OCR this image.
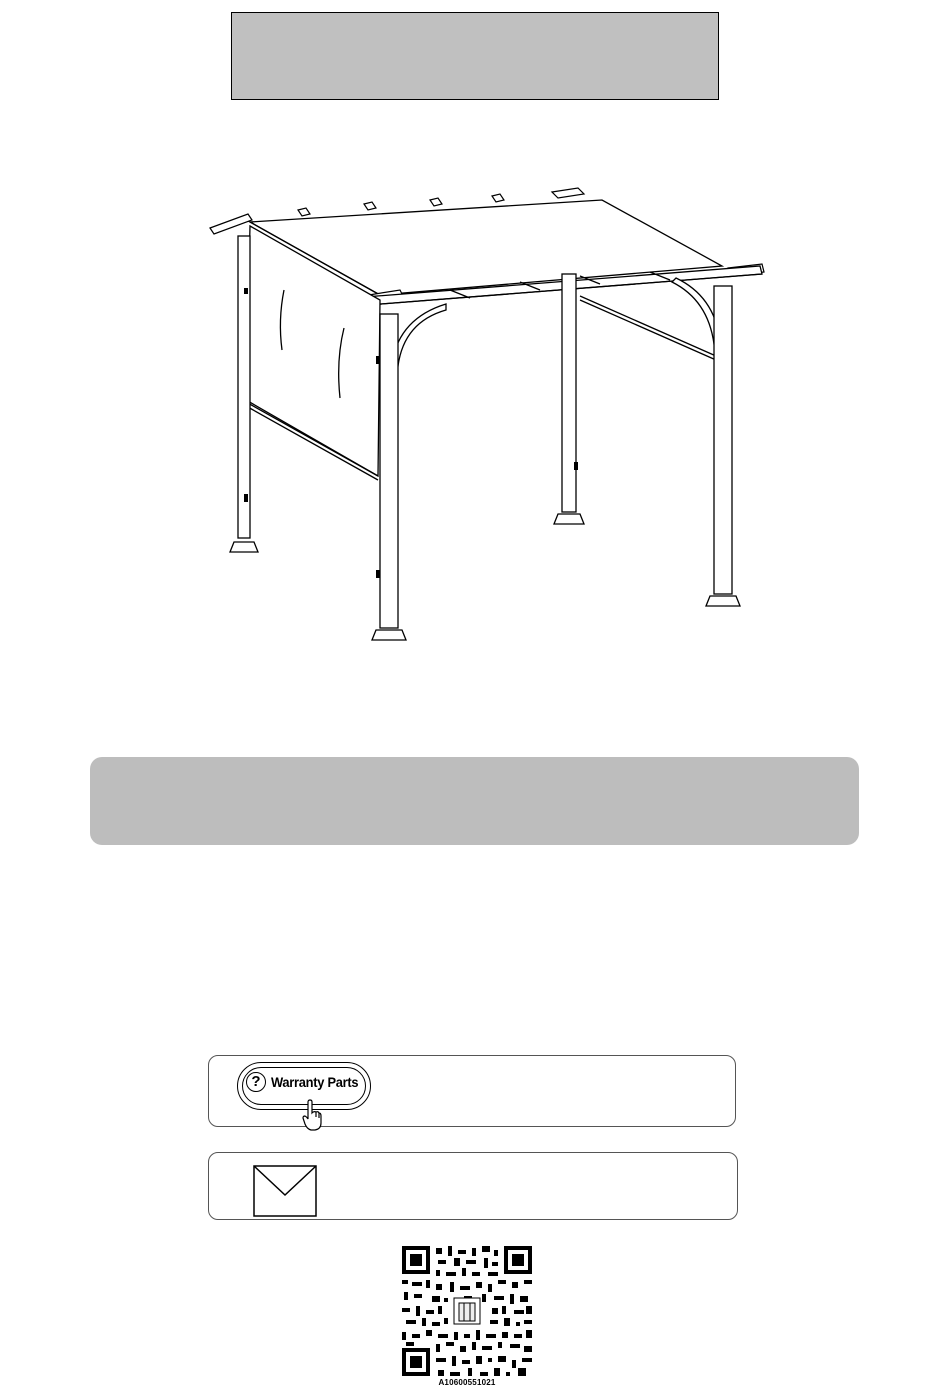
? Warranty Parts
A10600551021
